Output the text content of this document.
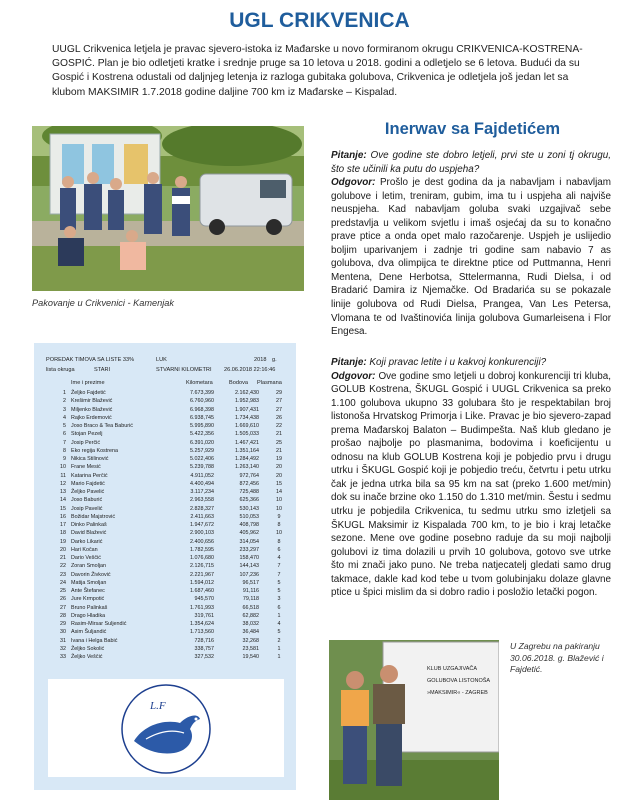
UGL CRIKVENICA

UUGL Crikvenica letjela je pravac sjevero-istoka iz Mađarske u novo formiranom okrugu CRIKVENICA-KOSTRENA-GOSPIĆ. Plan je bio odletjeti kratke i srednje pruge sa 10 letova u 2018. godini a odletjelo se 6 letova. Budući da su Gospić i Kostrena odustali od daljnjeg letenja iz razloga gubitaka golubova, Crikvenica je odletjela još jedan let sa klubom MAKSIMIR 1.7.2018 godine daljine 700 km iz Mađarske – Kispalad.

Pakovanje u Crikvenici - Kamenjak
Inerwav sa Fajdetićem

Pitanje: Ove godine ste dobro letjeli, prvi ste u zoni tj okrugu, što ste učinili ka putu do uspjeha?

Odgovor: Prošlo je dest godina da ja nabavljam i nabavljam golubove i letim, treniram, gubim, ima tu i uspjeha ali najviše neuspjeha. Kad nabavljam goluba svaki uzgajivač sebe predstavlja u velikom svjetlu i imaš osjećaj da su to konačno prave ptice a onda opet malo razočarenje. Uspjeh je uslijedio boljim uparivanjem i zadnje tri godine sam nabavio 7 as golubova, dva olimpijca te direktne ptice od Puttmanna, Henri Mentena, Dene Herbotsa, Sttelermanna, Rudi Dielsa, i od Bradarić Damira iz Njemačke. Od Bradarića su se pokazale linije golubova od Rudi Dielsa, Prangea, Van Les Petersa, Vlomana te od Ivaštinovića linija golubova Gumarleisena i Flor Engesa.

Pitanje: Koji pravac letite i u kakvoj konkurenciji?

Odgovor: Ove godine smo letjeli u dobroj konkurenciji tri kluba, GOLUB Kostrena, ŠKUGL Gospić i UUGL Crikvenica sa preko 1.100 golubova ukupno 33 golubara što je respektabilan broj listonoša Hrvatskog Primorja i Like. Pravac je bio sjevero-zapad prema Mađarskoj Balaton – Budimpešta. Naš klub gledano je prošao najbolje po plasmanima, bodovima i koeficijentu u odnosu na klub GOLUB Kostrena koji je pobjedio prvu i drugu utrku i ŠKUGL Gospić koji je pobjedio treću, četvrtu i petu utrku čak je jedna utrka bila sa 95 km na sat (preko 1.600 met/min) dok su inače brzine oko 1.150 do 1.310 met/min. Šestu i sedmu utrku je pobjedila Crikvenica, tu sedmu utrku smo izletjeli sa ŠKUGL Maksimir iz Kispalada 700 km, to je bio i kraj letačke sezone. Mene ove godine posebno raduje da su moji najbolji golubovi iz tima dolazili u prvih 10 golubova, gotovo sve utrke što mi znači jako puno. Ne treba natjecatelj gledati samo drug takmace, dakle kad kod tebe u tvom golubinjaku dolaze glavne ptice u špici mislim da si dobro radio i posložio letački pogon.

POREDAK TIMOVA SA LISTE 33%	LUK	2018 g.
lista okruga	STARI	STVARNI KILOMETRI 26.06.2018 22:16:46
Ime i prezime	Kilometara	Bodova Plasmana
1 Željko Fajdetić	7.673,399	2.162,430	29
2 Krešimir Blažević	6.760,960	1.952,983	27
3 Miljenko Blažević	6.968,398	1.907,431	27
4 Rajko Erdemović	6.938,745	1.734,438	26
5 Joso Braco & Tea Baburić	5.995,890	1.669,610	22
6 Stojan Pezelj	5.422,356	1.505,033	21
7 Josip Perčić	6.391,020	1.467,421	25
8 Eko regija Kostrena	5.257,929	1.351,164	21
9 Nikica Stilinović	5.022,406	1.284,492	19
10 Frane Mesić	5.239,788	1.263,140	20
11 Katarina Perčić	4.911,052	972,764	20
12 Mario Fajdetić	4.400,494	872,456	15
13 Željko Pavelić	3.117,234	725,488	14
14 Joso Baburić	2.963,558	625,366	10
15 Josip Pavelić	2.828,327	530,143	10
16 Božidar Majstrović	2.411,663	510,053	9
17 Dinko Palinkaš	1.947,672	408,798	8
18 David Blažević	2.900,103	405,962	10
19 Darko Likarić	2.400,656	314,054	8
20 Hari Kočan	1.782,595	233,297	6
21 Dario Veščić	1.076,680	158,470	4
22 Zoran Smoljan	2.126,715	144,143	7
23 Davorin Živković	2.221,967	107,236	7
24 Matija Smoljan	1.594,012	96,517	5
25 Ante Štefanec	1.687,460	91,116	5
26 Jure Krmpotić	945,570	79,118	3
27 Bruno Palinkaš	1.761,993	66,518	6
28 Drago Hladika	319,761	62,882	1
29 Rasim-Mirsar Suljendić	1.354,624	38,032	4
30 Asim Šuljandić	1.713,560	36,484	5
31 Ivana i Helga Babić	728,716	32,268	2
32 Željko Sokolić	338,757	23,581	1
33 Željko Veščić	327,532	19,540	1
L.F
KLUB UZGAJIVAČA
GOLUBOVA LISTONOŠA
»MAKSIMIR« - ZAGREB
U Zagrebu na pakiranju 30.06.2018. g. Blažević i Fajdetić.
